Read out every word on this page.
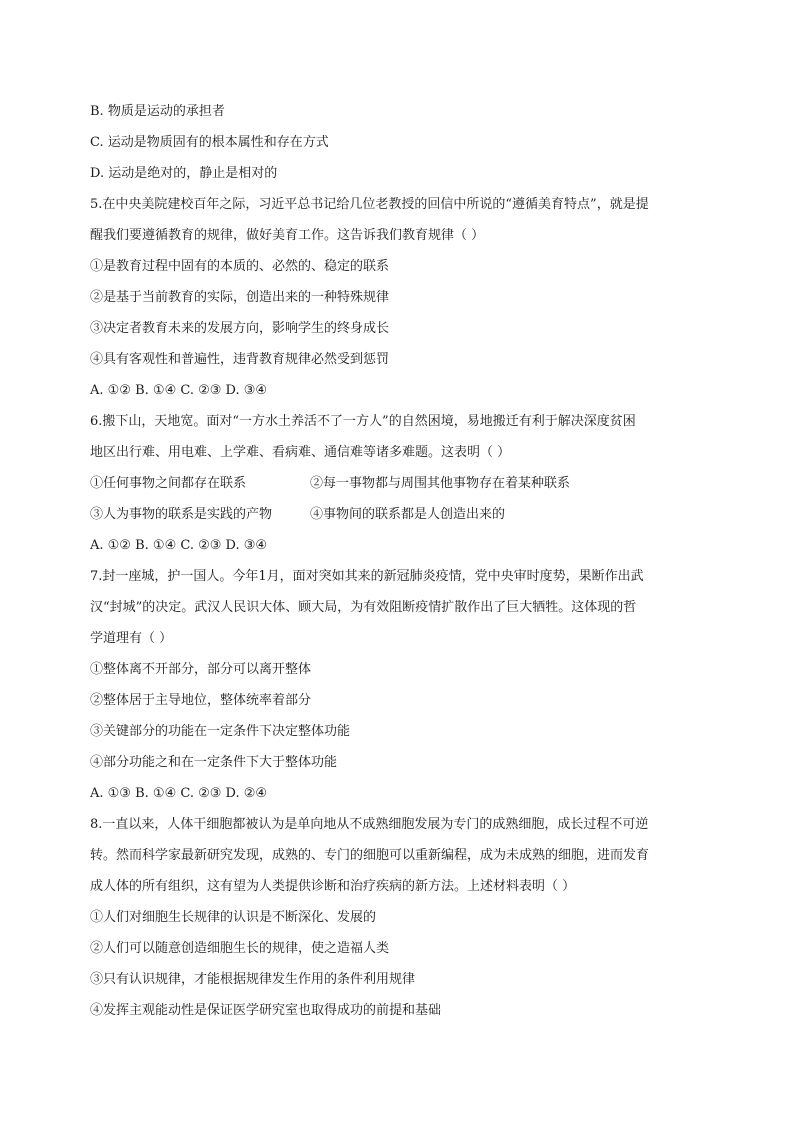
B. 物质是运动的承担者

C. 运动是物质固有的根本属性和存在方式

D. 运动是绝对的，静止是相对的

5.在中央美院建校百年之际，习近平总书记给几位老教授的回信中所说的“遵循美育特点”，就是提

醒我们要遵循教育的规律，做好美育工作。这告诉我们教育规律（ ）

①是教育过程中固有的本质的、必然的、稳定的联系

②是基于当前教育的实际，创造出来的一种特殊规律

③决定者教育未来的发展方向，影响学生的终身成长

④具有客观性和普遍性，违背教育规律必然受到惩罚

A. ①② B. ①④ C. ②③ D. ③④

6.搬下山，天地宽。面对“一方水土养活不了一方人”的自然困境，易地搬迁有利于解决深度贫困

地区出行难、用电难、上学难、看病难、通信难等诸多难题。这表明（ ）

①任何事物之间都存在联系	②每一事物都与周围其他事物存在着某种联系
③人为事物的联系是实践的产物	④事物间的联系都是人创造出来的

A. ①② B. ①④ C. ②③ D. ③④

7.封一座城，护一国人。今年1月，面对突如其来的新冠肺炎疫情，党中央审时度势，果断作出武

汉“封城”的决定。武汉人民识大体、顾大局，为有效阻断疫情扩散作出了巨大牺牲。这体现的哲

学道理有（ ）

①整体离不开部分，部分可以离开整体

②整体居于主导地位，整体统率着部分

③关键部分的功能在一定条件下决定整体功能

④部分功能之和在一定条件下大于整体功能

A. ①③ B. ①④ C. ②③ D. ②④

8.一直以来，人体干细胞都被认为是单向地从不成熟细胞发展为专门的成熟细胞，成长过程不可逆

转。然而科学家最新研究发现，成熟的、专门的细胞可以重新编程，成为未成熟的细胞，进而发育

成人体的所有组织，这有望为人类提供诊断和治疗疾病的新方法。上述材料表明（ ）

①人们对细胞生长规律的认识是不断深化、发展的

②人们可以随意创造细胞生长的规律，使之造福人类

③只有认识规律，才能根据规律发生作用的条件利用规律

④发挥主观能动性是保证医学研究室也取得成功的前提和基础
